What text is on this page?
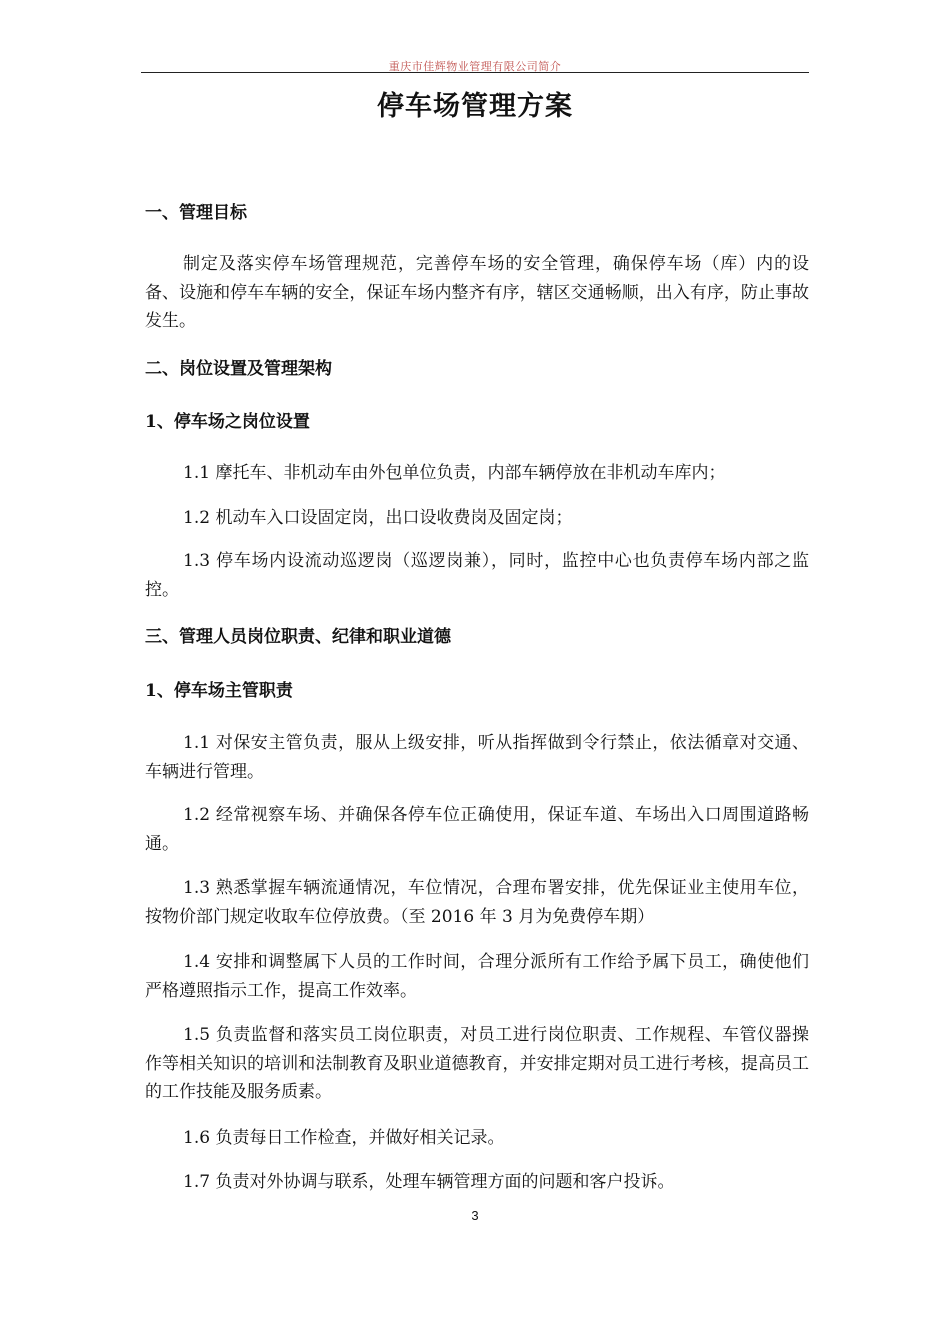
重庆市佳辉物业管理有限公司简介
停车场管理方案
一、管理目标
制定及落实停车场管理规范，完善停车场的安全管理，确保停车场（库）内的设备、设施和停车车辆的安全，保证车场内整齐有序，辖区交通畅顺，出入有序，防止事故发生。
二、岗位设置及管理架构
1、停车场之岗位设置
1.1 摩托车、非机动车由外包单位负责，内部车辆停放在非机动车库内；
1.2 机动车入口设固定岗，出口设收费岗及固定岗；
1.3 停车场内设流动巡逻岗（巡逻岗兼），同时，监控中心也负责停车场内部之监控。
三、管理人员岗位职责、纪律和职业道德
1、停车场主管职责
1.1 对保安主管负责，服从上级安排，听从指挥做到令行禁止，依法循章对交通、车辆进行管理。
1.2 经常视察车场、并确保各停车位正确使用，保证车道、车场出入口周围道路畅通。
1.3 熟悉掌握车辆流通情况，车位情况，合理布署安排，优先保证业主使用车位，按物价部门规定收取车位停放费。（至 2016 年 3 月为免费停车期）
1.4 安排和调整属下人员的工作时间，合理分派所有工作给予属下员工，确使他们严格遵照指示工作，提高工作效率。
1.5 负责监督和落实员工岗位职责，对员工进行岗位职责、工作规程、车管仪器操作等相关知识的培训和法制教育及职业道德教育，并安排定期对员工进行考核，提高员工的工作技能及服务质素。
1.6 负责每日工作检查，并做好相关记录。
1.7 负责对外协调与联系，处理车辆管理方面的问题和客户投诉。
3
